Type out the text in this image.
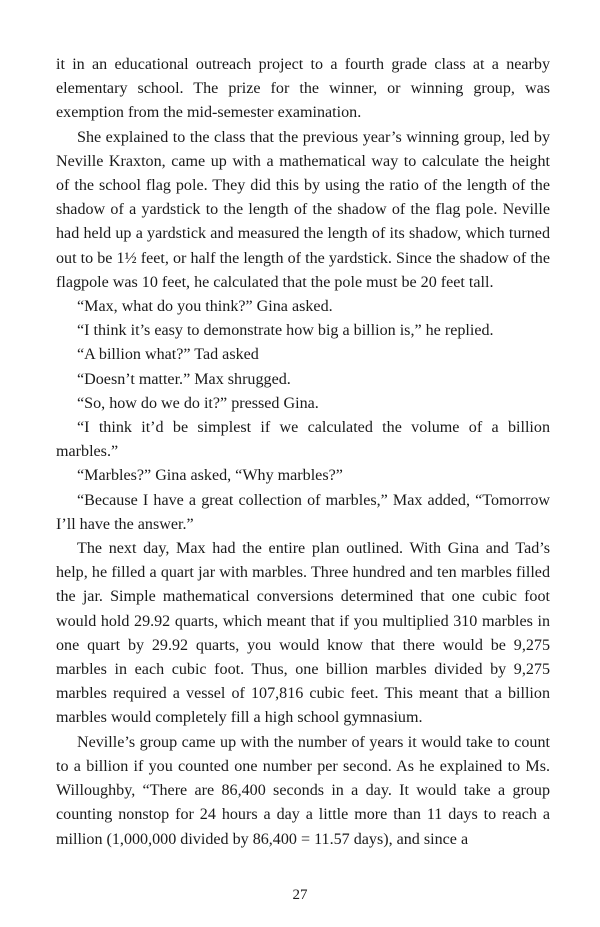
it in an educational outreach project to a fourth grade class at a nearby elementary school. The prize for the winner, or winning group, was exemption from the mid-semester examination.

She explained to the class that the previous year’s winning group, led by Neville Kraxton, came up with a mathematical way to calculate the height of the school flag pole. They did this by using the ratio of the length of the shadow of a yardstick to the length of the shadow of the flag pole. Neville had held up a yardstick and measured the length of its shadow, which turned out to be 1½ feet, or half the length of the yardstick. Since the shadow of the flagpole was 10 feet, he calculated that the pole must be 20 feet tall.

“Max, what do you think?” Gina asked.

“I think it’s easy to demonstrate how big a billion is,” he replied.

“A billion what?” Tad asked

“Doesn’t matter.” Max shrugged.

“So, how do we do it?” pressed Gina.

“I think it’d be simplest if we calculated the volume of a billion marbles.”

“Marbles?” Gina asked, “Why marbles?”

“Because I have a great collection of marbles,” Max added, “Tomorrow I’ll have the answer.”

The next day, Max had the entire plan outlined. With Gina and Tad’s help, he filled a quart jar with marbles. Three hundred and ten marbles filled the jar. Simple mathematical conversions determined that one cubic foot would hold 29.92 quarts, which meant that if you multiplied 310 marbles in one quart by 29.92 quarts, you would know that there would be 9,275 marbles in each cubic foot. Thus, one billion marbles divided by 9,275 marbles required a vessel of 107,816 cubic feet. This meant that a billion marbles would completely fill a high school gymnasium.

Neville’s group came up with the number of years it would take to count to a billion if you counted one number per second. As he explained to Ms. Willoughby, “There are 86,400 seconds in a day. It would take a group counting nonstop for 24 hours a day a little more than 11 days to reach a million (1,000,000 divided by 86,400 = 11.57 days), and since a

27
